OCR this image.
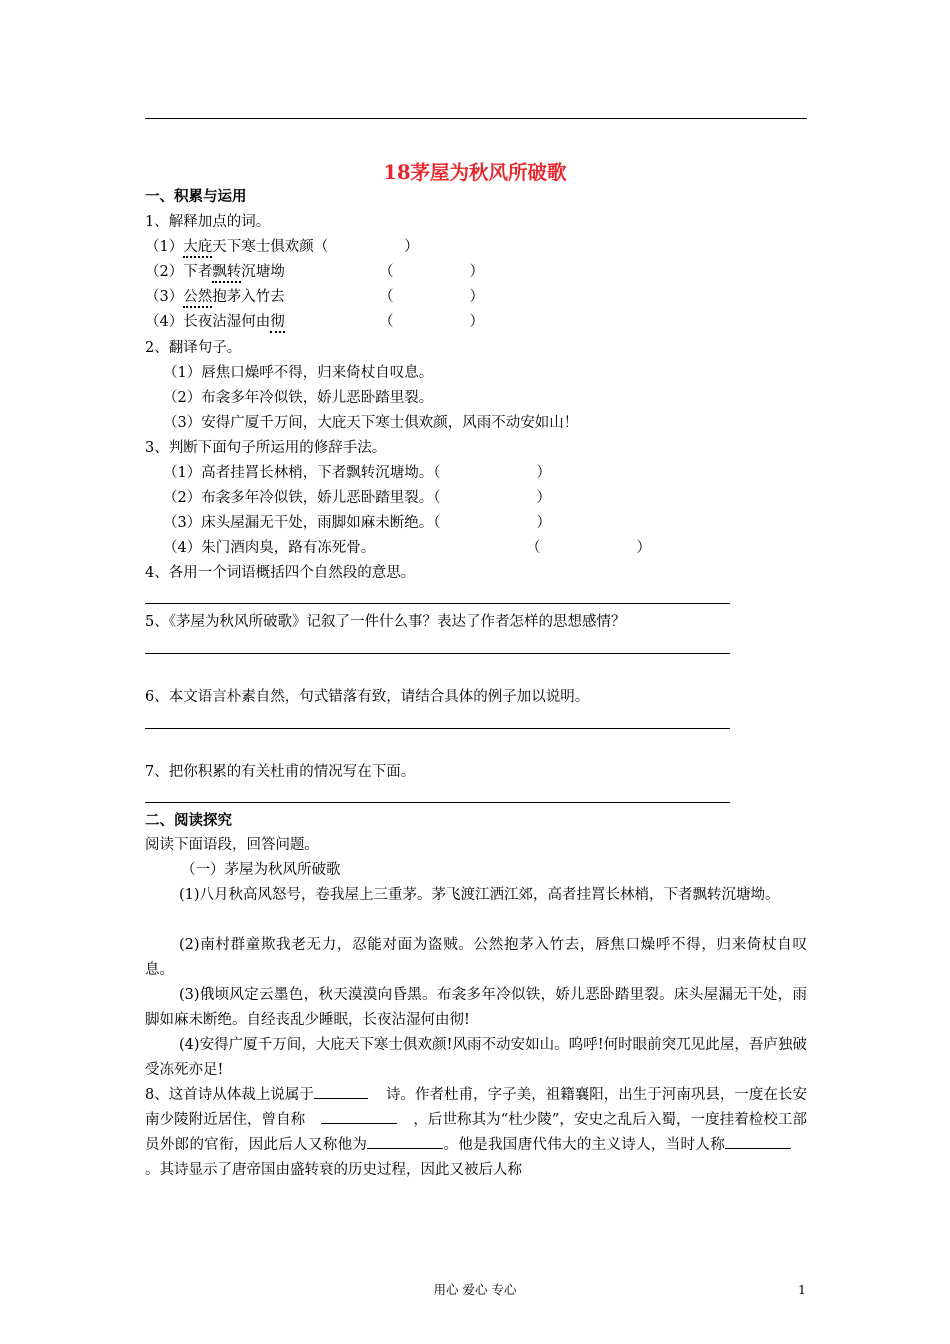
18茅屋为秋风所破歌
一、积累与运用
1、解释加点的词。
（1）大庇天下寒士俱欢颜（	）
（2）下者飘转沉塘坳	（	）
（3）公然抱茅入竹去	（	）
（4）长夜沾湿何由彻	（	）
2、翻译句子。
（1）唇焦口燥呼不得，归来倚杖自叹息。
（2）布衾多年冷似铁，娇儿恶卧踏里裂。
（3）安得广厦千万间，大庇天下寒士俱欢颜，风雨不动安如山！
3、判断下面句子所运用的修辞手法。
（1）高者挂罥长林梢，下者飘转沉塘坳。（	）
（2）布衾多年冷似铁，娇儿恶卧踏里裂。（	）
（3）床头屋漏无干处，雨脚如麻未断绝。（	）
（4）朱门酒肉臭，路有冻死骨。	（	）
4、各用一个词语概括四个自然段的意思。
5、《茅屋为秋风所破歌》记叙了一件什么事？表达了作者怎样的思想感情？
6、本文语言朴素自然，句式错落有致，请结合具体的例子加以说明。
7、把你积累的有关杜甫的情况写在下面。
二、阅读探究
阅读下面语段，回答问题。
（一）茅屋为秋风所破歌
(1)八月秋高风怒号，卷我屋上三重茅。茅飞渡江洒江郊，高者挂罥长林梢，下者飘转沉塘坳。
(2)南村群童欺我老无力，忍能对面为盗贼。公然抱茅入竹去，唇焦口燥呼不得，归来倚杖自叹息。
(3)俄顷风定云墨色，秋天漠漠向昏黑。布衾多年冷似铁，娇儿恶卧踏里裂。床头屋漏无干处，雨脚如麻未断绝。自经丧乱少睡眠，长夜沾湿何由彻!
(4)安得广厦千万间，大庇天下寒士俱欢颜!风雨不动安如山。呜呼!何时眼前突兀见此屋，吾庐独破受冻死亦足!
8、这首诗从体裁上说属于	诗。作者杜甫，字子美，祖籍襄阳，出生于河南巩县，一度在长安南少陵附近居住，曾自称	，后世称其为“杜少陵”，安史之乱后入蜀，一度挂着检校工部员外郎的官衔，因此后人又称他为	。他是我国唐代伟大的主义诗人，当时人称。其诗显示了唐帝国由盛转衰的历史过程，因此又被后人称
用心 爱心 专心	1
